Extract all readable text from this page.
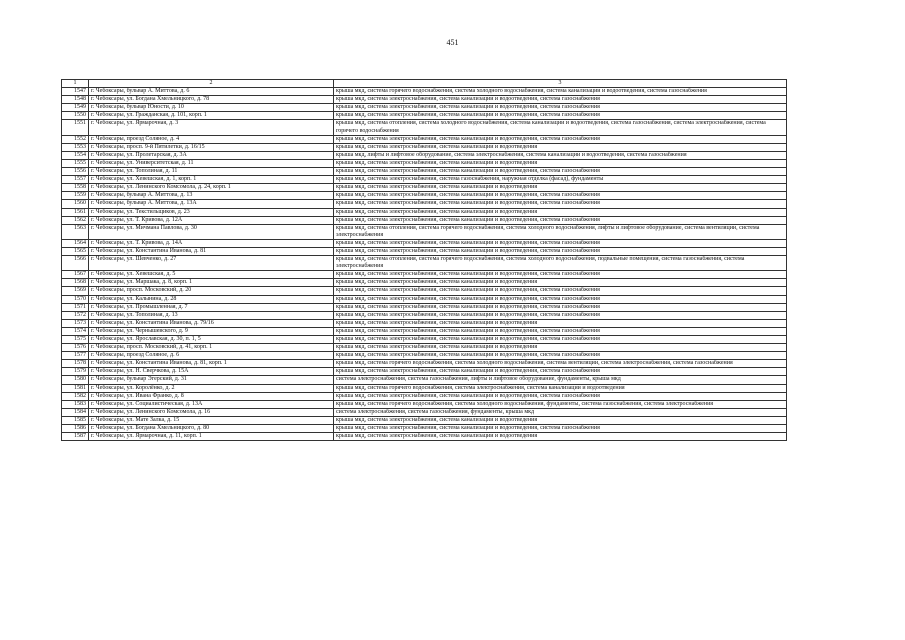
451
1	2	3
1547	г. Чебоксары, бульвар А. Миттова, д. 6	крыша мкд, система горячего водоснабжения, система холодного водоснабжения, система канализации и водоотведения, система газоснабжения
1548	г. Чебоксары, ул. Богдана Хмельницкого, д. 78	крыша мкд, система электроснабжения, система канализации и водоотведения, система газоснабжения
1549	г. Чебоксары, бульвар Юности, д. 10	крыша мкд, система электроснабжения, система канализации и водоотведения, система газоснабжения
1550	г. Чебоксары, ул. Гражданская, д. 101, корп. 1	крыша мкд, система электроснабжения, система канализации и водоотведения, система газоснабжения
1551	г. Чебоксары, ул. Ярмарочная, д. 3	крыша мкд, система отопления, система холодного водоснабжения, система канализации и водоотведения, система газоснабжения, система электроснабжения, система горячего водоснабжения
1552	г. Чебоксары, проезд Соляное, д. 4	крыша мкд, система электроснабжения, система канализации и водоотведения, система газоснабжения
1553	г. Чебоксары, просп. 9-й Пятилетки, д. 16/15	крыша мкд, система электроснабжения, система канализации и водоотведения
1554	г. Чебоксары, ул. Пролетарская, д. 3А	крыша мкд, лифты и лифтовое оборудование, система электроснабжения, система канализации и водоотведения, система газоснабжения
1555	г. Чебоксары, ул. Университетская, д. 11	крыша мкд, система электроснабжения, система канализации и водоотведения
1556	г. Чебоксары, ул. Тополиная, д. 11	крыша мкд, система электроснабжения, система канализации и водоотведения, система газоснабжения
1557	г. Чебоксары, ул. Хевешская, д. 1, корп. 1	крыша мкд, система электроснабжения, система газоснабжения, наружная отделка (фасад), фундаменты
1558	г. Чебоксары, ул. Ленинского Комсомола, д. 24, корп. 1	крыша мкд, система электроснабжения, система канализации и водоотведения
1559	г. Чебоксары, бульвар А. Миттова, д. 13	крыша мкд, система электроснабжения, система канализации и водоотведения, система газоснабжения
1560	г. Чебоксары, бульвар А. Миттова, д. 13А	крыша мкд, система электроснабжения, система канализации и водоотведения, система газоснабжения
1561	г. Чебоксары, ул. Текстильщиков, д. 23	крыша мкд, система электроснабжения, система канализации и водоотведения
1562	г. Чебоксары, ул. Т. Кривова, д. 12А	крыша мкд, система электроснабжения, система канализации и водоотведения, система газоснабжения
1563	г. Чебоксары, ул. Мичмана Павлова, д. 30	крыша мкд, система отопления, система горячего водоснабжения, система холодного водоснабжения, лифты и лифтовое оборудование, система вентиляции, система электроснабжения
1564	г. Чебоксары, ул. Т. Кривова, д. 14А	крыша мкд, система электроснабжения, система канализации и водоотведения, система газоснабжения
1565	г. Чебоксары, ул. Константина Иванова, д. 81	крыша мкд, система электроснабжения, система канализации и водоотведения, система газоснабжения
1566	г. Чебоксары, ул. Шевченко, д. 27	крыша мкд, система отопления, система горячего водоснабжения, система холодного водоснабжения, подвальные помещения, система газоснабжения, система электроснабжения
1567	г. Чебоксары, ул. Хевешская, д. 5	крыша мкд, система электроснабжения, система канализации и водоотведения, система газоснабжения
1568	г. Чебоксары, ул. Маршака, д. 8, корп. 1	крыша мкд, система электроснабжения, система канализации и водоотведения
1569	г. Чебоксары, просп. Московский, д. 20	крыша мкд, система электроснабжения, система канализации и водоотведения, система газоснабжения
1570	г. Чебоксары, ул. Калынина, д. 28	крыша мкд, система электроснабжения, система канализации и водоотведения, система газоснабжения
1571	г. Чебоксары, ул. Промышленная, д. 7	крыша мкд, система электроснабжения, система канализации и водоотведения, система газоснабжения
1572	г. Чебоксары, ул. Тополиная, д. 13	крыша мкд, система электроснабжения, система канализации и водоотведения, система газоснабжения
1573	г. Чебоксары, ул. Константина Иванова, д. 79/16	крыша мкд, система электроснабжения, система канализации и водоотведения
1574	г. Чебоксары, ул. Чернышевского, д. 9	крыша мкд, система электроснабжения, система канализации и водоотведения, система газоснабжения
1575	г. Чебоксары, ул. Ярославская, д. 30, п. 1, 5	крыша мкд, система электроснабжения, система канализации и водоотведения, система газоснабжения
1576	г. Чебоксары, просп. Московский, д. 41, корп. 1	крыша мкд, система электроснабжения, система канализации и водоотведения
1577	г. Чебоксары, проезд Соляное, д. 6	крыша мкд, система электроснабжения, система канализации и водоотведения, система газоснабжения
1578	г. Чебоксары, ул. Константина Иванова, д. 81, корп. 1	крыша мкд, система горячего водоснабжения, система холодного водоснабжения, система вентиляции, система электроснабжения, система газоснабжения
1579	г. Чебоксары, ул. Н. Сверчкова, д. 15А	крыша мкд, система электроснабжения, система канализации и водоотведения, система газоснабжения
1580	г. Чебоксары, бульвар Эгерский, д. 31	система электроснабжения, система газоснабжения, лифты и лифтовое оборудование, фундаменты, крыша мкд
1581	г. Чебоксары, ул. Королёнко, д. 2	крыша мкд, система горячего водоснабжения, система электроснабжения, система канализации и водоотведения
1582	г. Чебоксары, ул. Ивана Франко, д. 8	крыша мкд, система электроснабжения, система канализации и водоотведения, система газоснабжения
1583	г. Чебоксары, ул. Социалистическая, д. 13А	крыша мкд, система горячего водоснабжения, система холодного водоснабжения, фундаменты, система газоснабжения, система электроснабжения
1584	г. Чебоксары, ул. Ленинского Комсомола, д. 16	система электроснабжения, система газоснабжения, фундаменты, крыша мкд
1585	г. Чебоксары, ул. Мате Залка, д. 15	крыша мкд, система электроснабжения, система канализации и водоотведения
1586	г. Чебоксары, ул. Богдана Хмельницкого, д. 80	крыша мкд, система электроснабжения, система канализации и водоотведения, система газоснабжения
1587	г. Чебоксары, ул. Ярмарочная, д. 11, корп. 1	крыша мкд, система электроснабжения, система канализации и водоотведения
